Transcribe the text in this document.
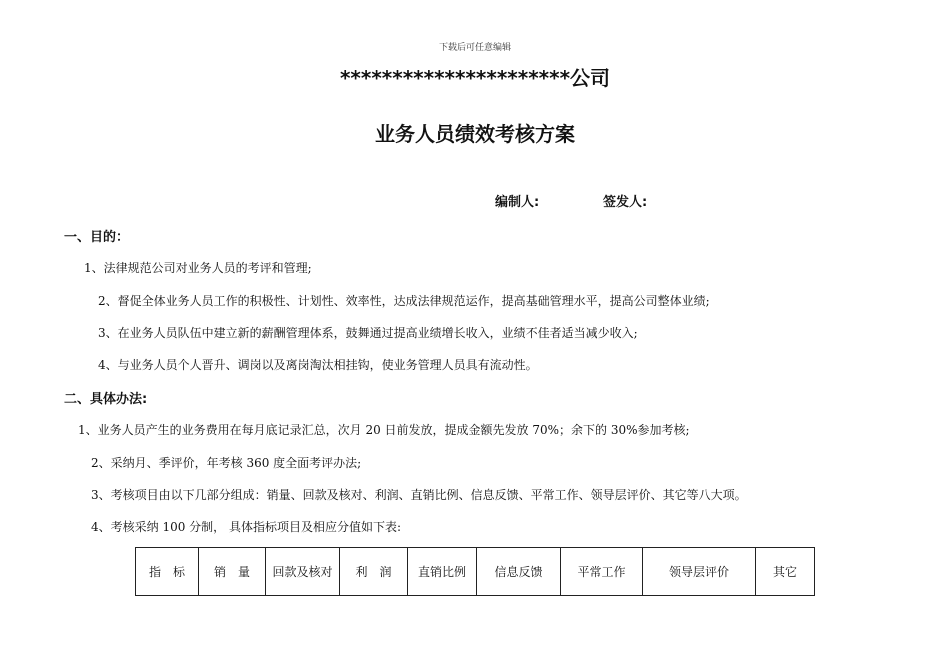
下载后可任意编辑
**********************公司
业务人员绩效考核方案
编制人:	签发人:
一、目的：
1、法律规范公司对业务人员的考评和管理;
2、督促全体业务人员工作的积极性、计划性、效率性，达成法律规范运作，提高基础管理水平，提高公司整体业绩;
3、在业务人员队伍中建立新的薪酬管理体系，鼓舞通过提高业绩增长收入，业绩不佳者适当减少收入;
4、与业务人员个人晋升、调岗以及离岗淘汰相挂钩，使业务管理人员具有流动性。
二、具体办法:
1、业务人员产生的业务费用在每月底记录汇总，次月 20 日前发放，提成金额先发放 70%；余下的 30%参加考核;
2、采纳月、季评价，年考核 360 度全面考评办法;
3、考核项目由以下几部分组成：销量、回款及核对、利润、直销比例、信息反馈、平常工作、领导层评价、其它等八大项。
4、考核采纳 100 分制， 具体指标项目及相应分值如下表:
指　标	销　量	回款及核对	利　润	直销比例	信息反馈	平常工作	领导层评价	其它
